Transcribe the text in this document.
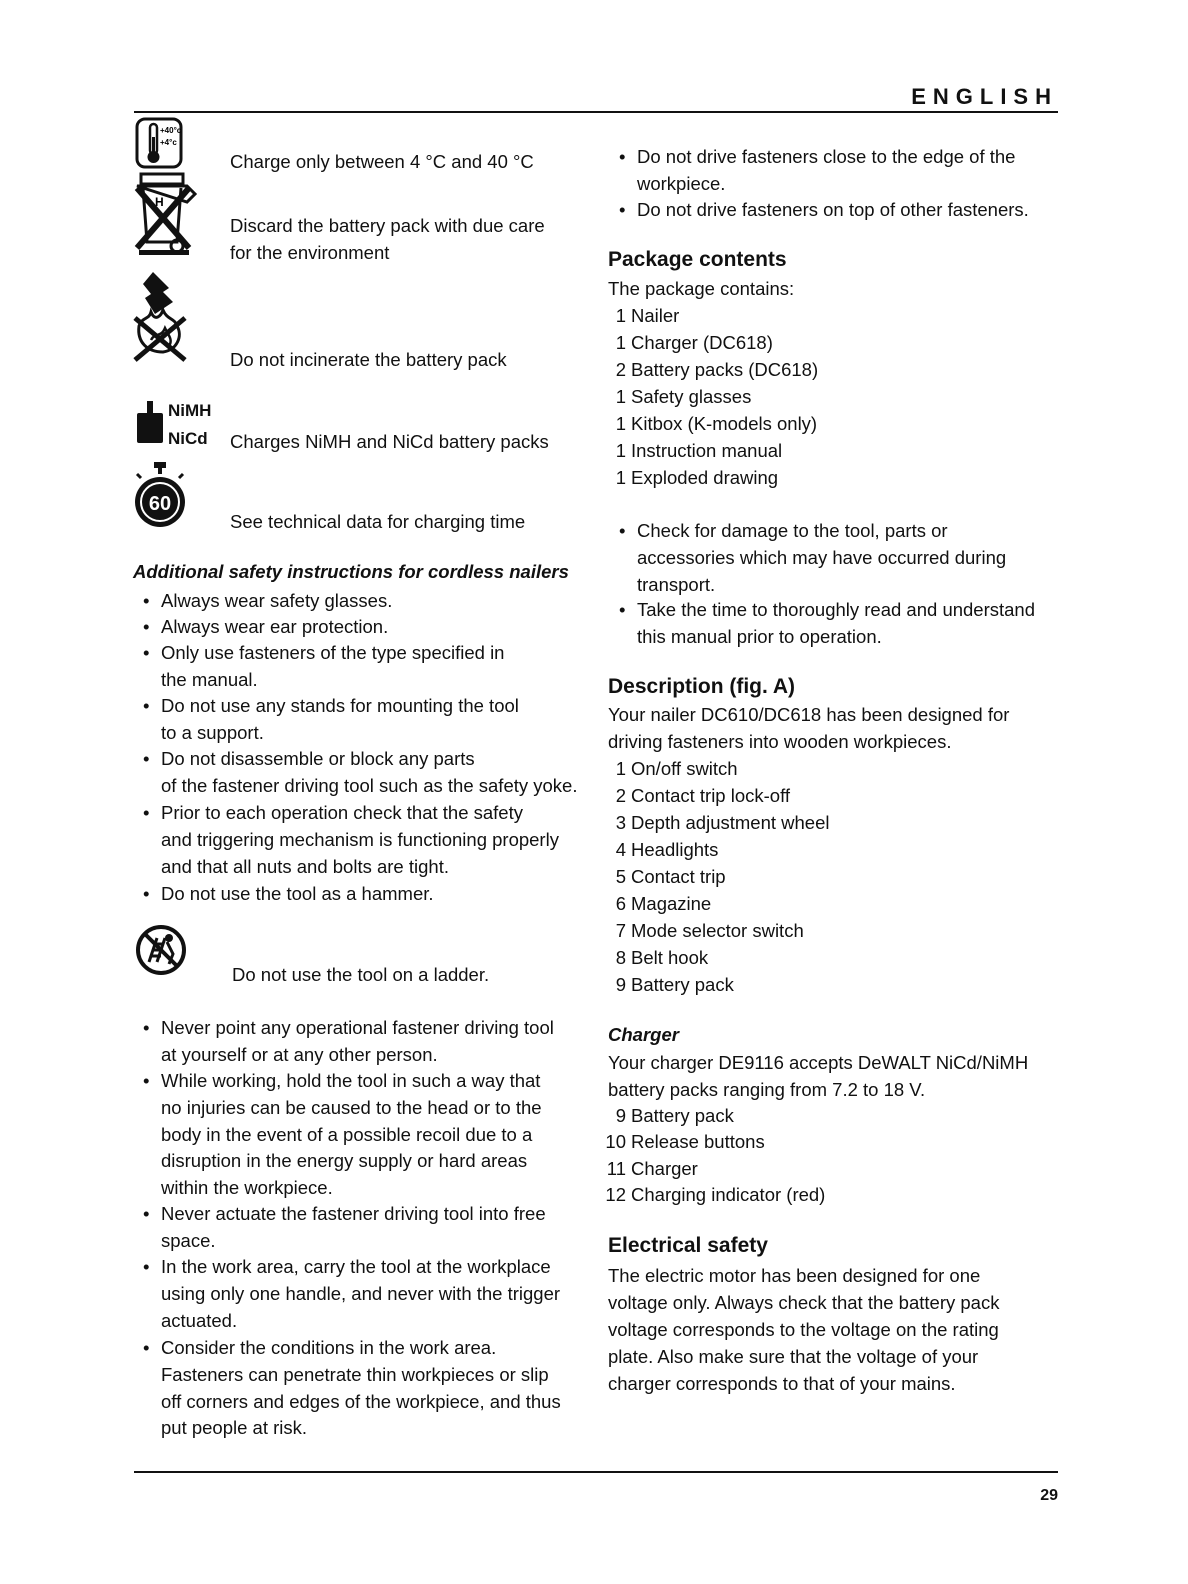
ENGLISH
+40°c
+4°c
Charge only between 4 °C and 40 °C
H
Discard the battery pack with due care
for the environment
Do not incinerate the battery pack
NiMH
NiCd Charges NiMH and NiCd battery packs
60
See technical data for charging time
Additional safety instructions for cordless nailers
• Always wear safety glasses.
• Always wear ear protection.
• Only use fasteners of the type specified in
the manual.
• Do not use any stands for mounting the tool
to a support.
• Do not disassemble or block any parts
of the fastener driving tool such as the safety yoke.
• Prior to each operation check that the safety
and triggering mechanism is functioning properly
and that all nuts and bolts are tight.
• Do not use the tool as a hammer.
Do not use the tool on a ladder.
• Never point any operational fastener driving tool
at yourself or at any other person.
• While working, hold the tool in such a way that
no injuries can be caused to the head or to the
body in the event of a possible recoil due to a
disruption in the energy supply or hard areas
within the workpiece.
• Never actuate the fastener driving tool into free
space.
• In the work area, carry the tool at the workplace
using only one handle, and never with the trigger
actuated.
• Consider the conditions in the work area.
Fasteners can penetrate thin workpieces or slip
off corners and edges of the workpiece, and thus
put people at risk.
• Do not drive fasteners close to the edge of the
workpiece.
• Do not drive fasteners on top of other fasteners.
Package contents
The package contains:
1 Nailer
1 Charger (DC618)
2 Battery packs (DC618)
1 Safety glasses
1 Kitbox (K-models only)
1 Instruction manual
1 Exploded drawing
• Check for damage to the tool, parts or
accessories which may have occurred during
transport.
• Take the time to thoroughly read and understand
this manual prior to operation.
Description (fig. A)
Your nailer DC610/DC618 has been designed for
driving fasteners into wooden workpieces.
1 On/off switch
2 Contact trip lock-off
3 Depth adjustment wheel
4 Headlights
5 Contact trip
6 Magazine
7 Mode selector switch
8 Belt hook
9 Battery pack
Charger
Your charger DE9116 accepts DeWALT NiCd/NiMH
battery packs ranging from 7.2 to 18 V.
9 Battery pack
10 Release buttons
11 Charger
12 Charging indicator (red)
Electrical safety
The electric motor has been designed for one
voltage only. Always check that the battery pack
voltage corresponds to the voltage on the rating
plate. Also make sure that the voltage of your
charger corresponds to that of your mains.
29
